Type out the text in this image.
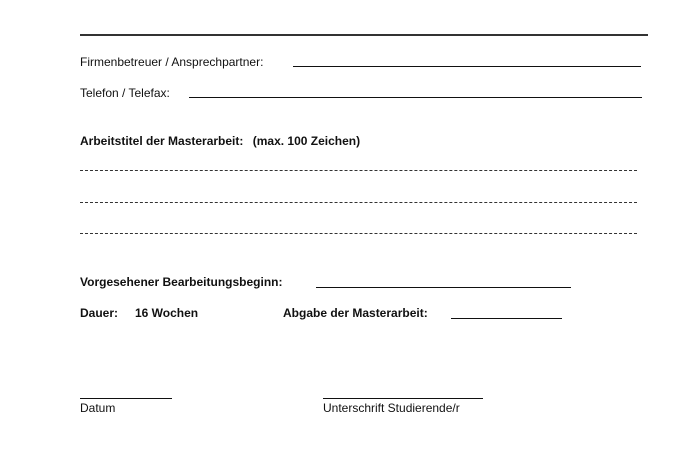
Firmenbetreuer / Ansprechpartner:
Telefon / Telefax:
Arbeitstitel der Masterarbeit: (max. 100 Zeichen)
Vorgesehener Bearbeitungsbeginn:
Dauer: 16 Wochen	Abgabe der Masterarbeit:
Datum	Unterschrift Studierende/r
